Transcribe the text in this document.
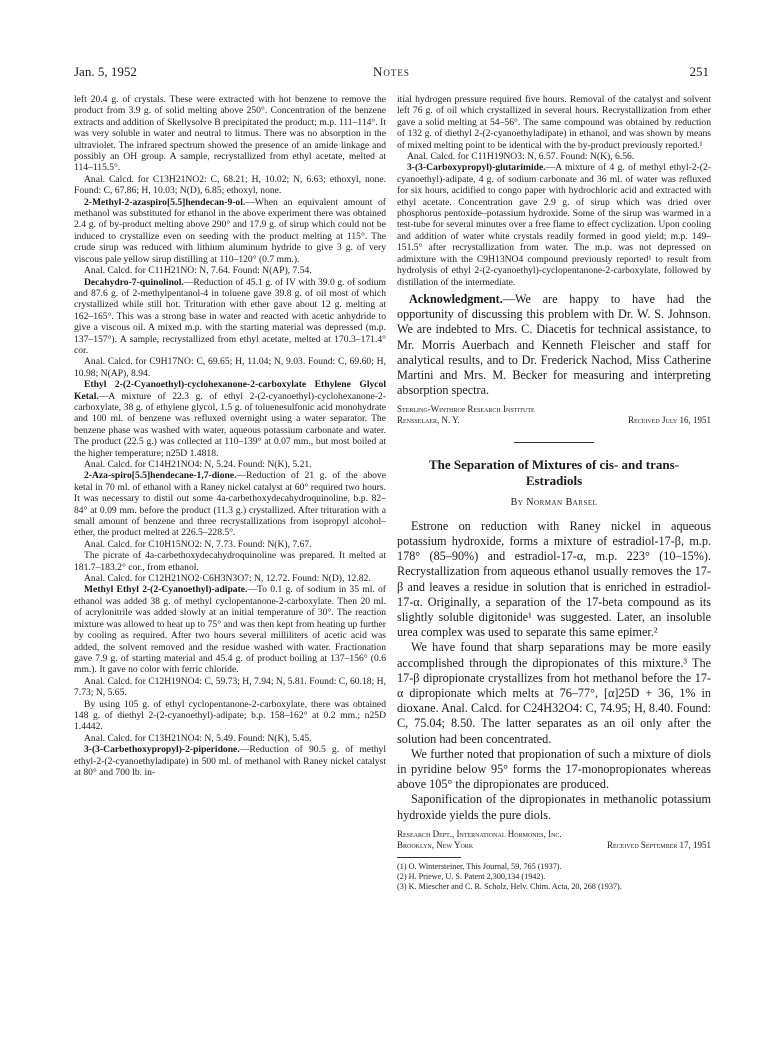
Jan. 5, 1952	Notes	251

left 20.4 g. of crystals. These were extracted with hot benzene to remove the product from 3.9 g. of solid melting above 250°. Concentration of the benzene extracts and addition of Skellysolve B precipitated the product; m.p. 111–114°. It was very soluble in water and neutral to litmus. There was no absorption in the ultraviolet. The infrared spectrum showed the presence of an amide linkage and possibly an OH group. A sample, recrystallized from ethyl acetate, melted at 114–115.5°.

Anal. Calcd. for C13H21NO2: C, 68.21; H, 10.02; N, 6.63; ethoxyl, none. Found: C, 67.86; H, 10.03; N(D), 6.85; ethoxyl, none.

2-Methyl-2-azaspiro[5.5]hendecan-9-ol.—When an equivalent amount of methanol was substituted for ethanol in the above experiment there was obtained 2.4 g. of by-product melting above 290° and 17.9 g. of sirup which could not be induced to crystallize even on seeding with the product melting at 115°. The crude sirup was reduced with lithium aluminum hydride to give 3 g. of very viscous pale yellow sirup distilling at 110–120° (0.7 mm.).

Anal. Calcd. for C11H21NO: N, 7.64. Found: N(AP), 7.54.

Decahydro-7-quinolinol.—Reduction of 45.1 g. of IV with 39.0 g. of sodium and 87.6 g. of 2-methylpentanol-4 in toluene gave 39.8 g. of oil most of which crystallized while still hot. Trituration with ether gave about 12 g. melting at 162–165°. This was a strong base in water and reacted with acetic anhydride to give a viscous oil. A mixed m.p. with the starting material was depressed (m.p. 137–157°). A sample, recrystallized from ethyl acetate, melted at 170.3–171.4° cor.

Anal. Calcd. for C9H17NO: C, 69.65; H, 11.04; N, 9.03. Found: C, 69.60; H, 10.98; N(AP), 8.94.

Ethyl 2-(2-Cyanoethyl)-cyclohexanone-2-carboxylate Ethylene Glycol Ketal.—A mixture of 22.3 g. of ethyl 2-(2-cyanoethyl)-cyclohexanone-2-carboxylate, 38 g. of ethylene glycol, 1.5 g. of toluenesulfonic acid monohydrate and 100 ml. of benzene was refluxed overnight using a water separator. The benzene phase was washed with water, aqueous potassium carbonate and water. The product (22.5 g.) was collected at 110–139° at 0.07 mm., but most boiled at the higher temperature; n25D 1.4818.

Anal. Calcd. for C14H21NO4: N, 5.24. Found: N(K), 5.21.

2-Aza-spiro[5.5]hendecane-1,7-dione.—Reduction of 21 g. of the above ketal in 70 ml. of ethanol with a Raney nickel catalyst at 60° required two hours. It was necessary to distil out some 4a-carbethoxydecahydroquinoline, b.p. 82–84° at 0.09 mm. before the product (11.3 g.) crystallized. After trituration with a small amount of benzene and three recrystallizations from isopropyl alcohol–ether, the product melted at 226.5–228.5°.

Anal. Calcd. for C10H15NO2: N, 7.73. Found: N(K), 7.67.

The picrate of 4a-carbethoxydecahydroquinoline was prepared. It melted at 181.7–183.2° cor., from ethanol.

Anal. Calcd. for C12H21NO2·C6H3N3O7: N, 12.72. Found: N(D), 12.82.

Methyl Ethyl 2-(2-Cyanoethyl)-adipate.—To 0.1 g. of sodium in 35 ml. of ethanol was added 38 g. of methyl cyclopentanone-2-carboxylate. Then 20 ml. of acrylonitrile was added slowly at an initial temperature of 30°. The reaction mixture was allowed to heat up to 75° and was then kept from heating up further by cooling as required. After two hours several milliliters of acetic acid was added, the solvent removed and the residue washed with water. Fractionation gave 7.9 g. of starting material and 45.4 g. of product boiling at 137–156° (0.6 mm.). It gave no color with ferric chloride.

Anal. Calcd. for C12H19NO4: C, 59.73; H, 7.94; N, 5.81. Found: C, 60.18; H, 7.73; N, 5.65.

By using 105 g. of ethyl cyclopentanone-2-carboxylate, there was obtained 148 g. of diethyl 2-(2-cyanoethyl)-adipate; b.p. 158–162° at 0.2 mm.; n25D 1.4442.

Anal. Calcd. for C13H21NO4: N, 5.49. Found: N(K), 5.45.

3-(3-Carbethoxypropyl)-2-piperidone.—Reduction of 90.5 g. of methyl ethyl-2-(2-cyanoethyladipate) in 500 ml. of methanol with Raney nickel catalyst at 80° and 700 lb. in-

itial hydrogen pressure required five hours. Removal of the catalyst and solvent left 76 g. of oil which crystallized in several hours. Recrystallization from ether gave a solid melting at 54–56°. The same compound was obtained by reduction of 132 g. of diethyl 2-(2-cyanoethyladipate) in ethanol, and was shown by means of mixed melting point to be identical with the by-product previously reported.¹

Anal. Calcd. for C11H19NO3: N, 6.57. Found: N(K), 6.56.

3-(3-Carboxypropyl)-glutarimide.—A mixture of 4 g. of methyl ethyl-2-(2-cyanoethyl)-adipate, 4 g. of sodium carbonate and 36 ml. of water was refluxed for six hours, acidified to congo paper with hydrochloric acid and extracted with ethyl acetate. Concentration gave 2.9 g. of sirup which was dried over phosphorus pentoxide–potassium hydroxide. Some of the sirup was warmed in a test-tube for several minutes over a free flame to effect cyclization. Upon cooling and addition of water white crystals readily formed in good yield; m.p. 149–151.5° after recrystallization from water. The m.p. was not depressed on admixture with the C9H13NO4 compound previously reported¹ to result from hydrolysis of ethyl 2-(2-cyanoethyl)-cyclopentanone-2-carboxylate, followed by distillation of the intermediate.

Acknowledgment.—We are happy to have had the opportunity of discussing this problem with Dr. W. S. Johnson. We are indebted to Mrs. C. Diacetis for technical assistance, to Mr. Morris Auerbach and Kenneth Fleischer and staff for analytical results, and to Dr. Frederick Nachod, Miss Catherine Martini and Mrs. M. Becker for measuring and interpreting absorption spectra.

Sterling-Winthrop Research Institute
Rensselaer, N. Y.	Received July 16, 1951
The Separation of Mixtures of cis- and trans-Estradiols
By Norman Barsel

Estrone on reduction with Raney nickel in aqueous potassium hydroxide, forms a mixture of estradiol-17-β, m.p. 178° (85–90%) and estradiol-17-α, m.p. 223° (10–15%). Recrystallization from aqueous ethanol usually removes the 17-β and leaves a residue in solution that is enriched in estradiol-17-α. Originally, a separation of the 17-beta compound as its slightly soluble digitonide¹ was suggested. Later, an insoluble urea complex was used to separate this same epimer.²

We have found that sharp separations may be more easily accomplished through the dipropionates of this mixture.³ The 17-β dipropionate crystallizes from hot methanol before the 17-α dipropionate which melts at 76–77°, [α]25D + 36, 1% in dioxane. Anal. Calcd. for C24H32O4: C, 74.95; H, 8.40. Found: C, 75.04; 8.50. The latter separates as an oil only after the solution had been concentrated.

We further noted that propionation of such a mixture of diols in pyridine below 95° forms the 17-monopropionates whereas above 105° the dipropionates are produced.

Saponification of the dipropionates in methanolic potassium hydroxide yields the pure diols.

Research Dept., International Hormones, Inc.
Brooklyn, New York	Received September 17, 1951

(1) O. Wintersteiner, This Journal, 59, 765 (1937).

(2) H. Priewe, U. S. Patent 2,300,134 (1942).

(3) K. Miescher and C. R. Scholz, Helv. Chim. Acta, 20, 268 (1937).
